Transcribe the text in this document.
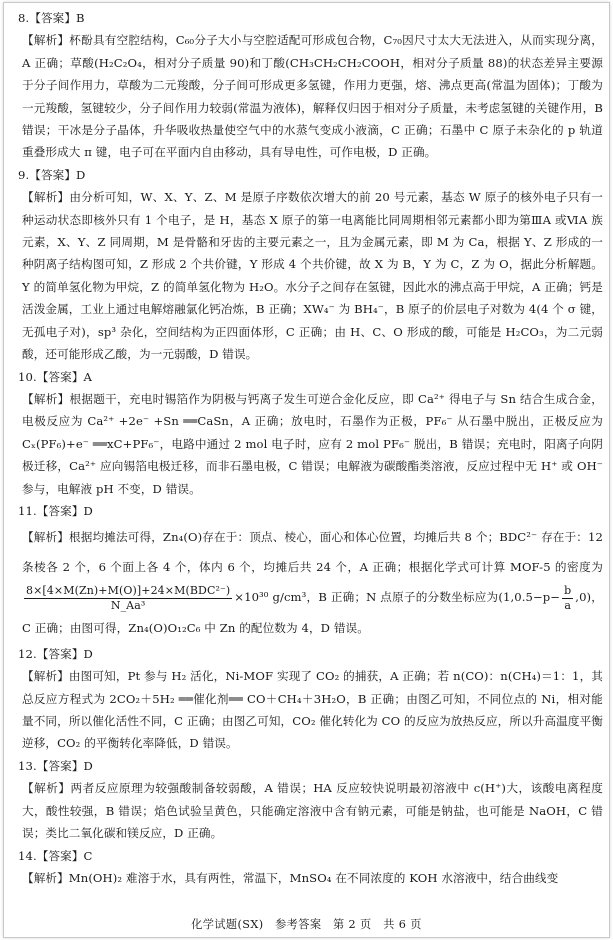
8.【答案】B

【解析】杯酚具有空腔结构，C₆₀分子大小与空腔适配可形成包合物，C₇₀因尺寸太大无法进入，从而实现分离，A 正确；草酸(H₂C₂O₄，相对分子质量 90)和丁酸(CH₃CH₂CH₂COOH，相对分子质量 88)的状态差异主要源于分子间作用力，草酸为二元羧酸，分子间可形成更多氢键，作用力更强，熔、沸点更高(常温为固体)；丁酸为一元羧酸，氢键较少，分子间作用力较弱(常温为液体)，解释仅归因于相对分子质量，未考虑氢键的关键作用，B 错误；干冰是分子晶体，升华吸收热量使空气中的水蒸气变成小液滴，C 正确；石墨中 C 原子未杂化的 p 轨道重叠形成大 π 键，电子可在平面内自由移动，具有导电性，可作电极，D 正确。

9.【答案】D

【解析】由分析可知，W、X、Y、Z、M 是原子序数依次增大的前 20 号元素，基态 W 原子的核外电子只有一种运动状态即核外只有 1 个电子，是 H，基态 X 原子的第一电离能比同周期相邻元素都小即为第ⅢA 或ⅥA 族元素，X、Y、Z 同周期，M 是骨骼和牙齿的主要元素之一，且为金属元素，即 M 为 Ca，根据 Y、Z 形成的一种阴离子结构图可知，Z 形成 2 个共价键，Y 形成 4 个共价键，故 X 为 B，Y 为 C，Z 为 O，据此分析解题。Y 的简单氢化物为甲烷，Z 的简单氢化物为 H₂O。水分子之间存在氢键，因此水的沸点高于甲烷，A 正确；钙是活泼金属，工业上通过电解熔融氯化钙冶炼，B 正确；XW₄⁻ 为 BH₄⁻，B 原子的价层电子对数为 4(4 个 σ 键，无孤电子对)，sp³ 杂化，空间结构为正四面体形，C 正确；由 H、C、O 形成的酸，可能是 H₂CO₃，为二元弱酸，还可能形成乙酸，为一元弱酸，D 错误。

10.【答案】A

【解析】根据题干，充电时锡箔作为阴极与钙离子发生可逆合金化反应，即 Ca²⁺ 得电子与 Sn 结合生成合金，电极反应为 Ca²⁺ +2e⁻ +Sn ══CaSn，A 正确；放电时，石墨作为正极，PF₆⁻ 从石墨中脱出，正极反应为 Cₓ(PF₆)+e⁻ ══xC+PF₆⁻，电路中通过 2 mol 电子时，应有 2 mol PF₆⁻ 脱出，B 错误；充电时，阳离子向阴极迁移，Ca²⁺ 应向锡箔电极迁移，而非石墨电极，C 错误；电解液为碳酸酯类溶液，反应过程中无 H⁺ 或 OH⁻ 参与，电解液 pH 不变，D 错误。

11.【答案】D

【解析】根据均摊法可得，Zn₄(O)存在于：顶点、棱心，面心和体心位置，均摊后共 8 个；BDC²⁻ 存在于：12 条棱各 2 个，6 个面上各 4 个，体内 6 个，均摊后共 24 个，A 正确；根据化学式可计算 MOF-5 的密度为
$\frac{\text{8×[4×M(Zn)+M(O)]+24×M(BDC²⁻)}}{\text{N\_Aa³}} \times 10^{30}$ g/cm³，B 正确；N 点原子的分数坐标应为$(1,0.5-p- \frac{b}{a} ,0)$，C 正确；由图可得，Zn₄(O)O₁₂C₆ 中 Zn 的配位数为 4，D 错误。

12.【答案】D

【解析】由图可知，Pt 参与 H₂ 活化，Ni-MOF 实现了 CO₂ 的捕获，A 正确；若 n(CO)：n(CH₄)＝1：1，其总反应方程式为 2CO₂＋5H₂ ══催化剂══ CO＋CH₄＋3H₂O，B 正确；由图乙可知，不同位点的 Ni，相对能量不同，所以催化活性不同，C 正确；由图乙可知，CO₂ 催化转化为 CO 的反应为放热反应，所以升高温度平衡逆移，CO₂ 的平衡转化率降低，D 错误。

13.【答案】D

【解析】两者反应原理为较强酸制备较弱酸，A 错误；HA 反应较快说明最初溶液中 c(H⁺)大，该酸电离程度大，酸性较强，B 错误；焰色试验呈黄色，只能确定溶液中含有钠元素，可能是钠盐，也可能是 NaOH，C 错误；类比二氧化碳和镁反应，D 正确。

14.【答案】C

【解析】Mn(OH)₂ 难溶于水，具有两性，常温下，MnSO₄ 在不同浓度的 KOH 水溶液中，结合曲线变

化学试题(SX)　参考答案　第 2 页　共 6 页
